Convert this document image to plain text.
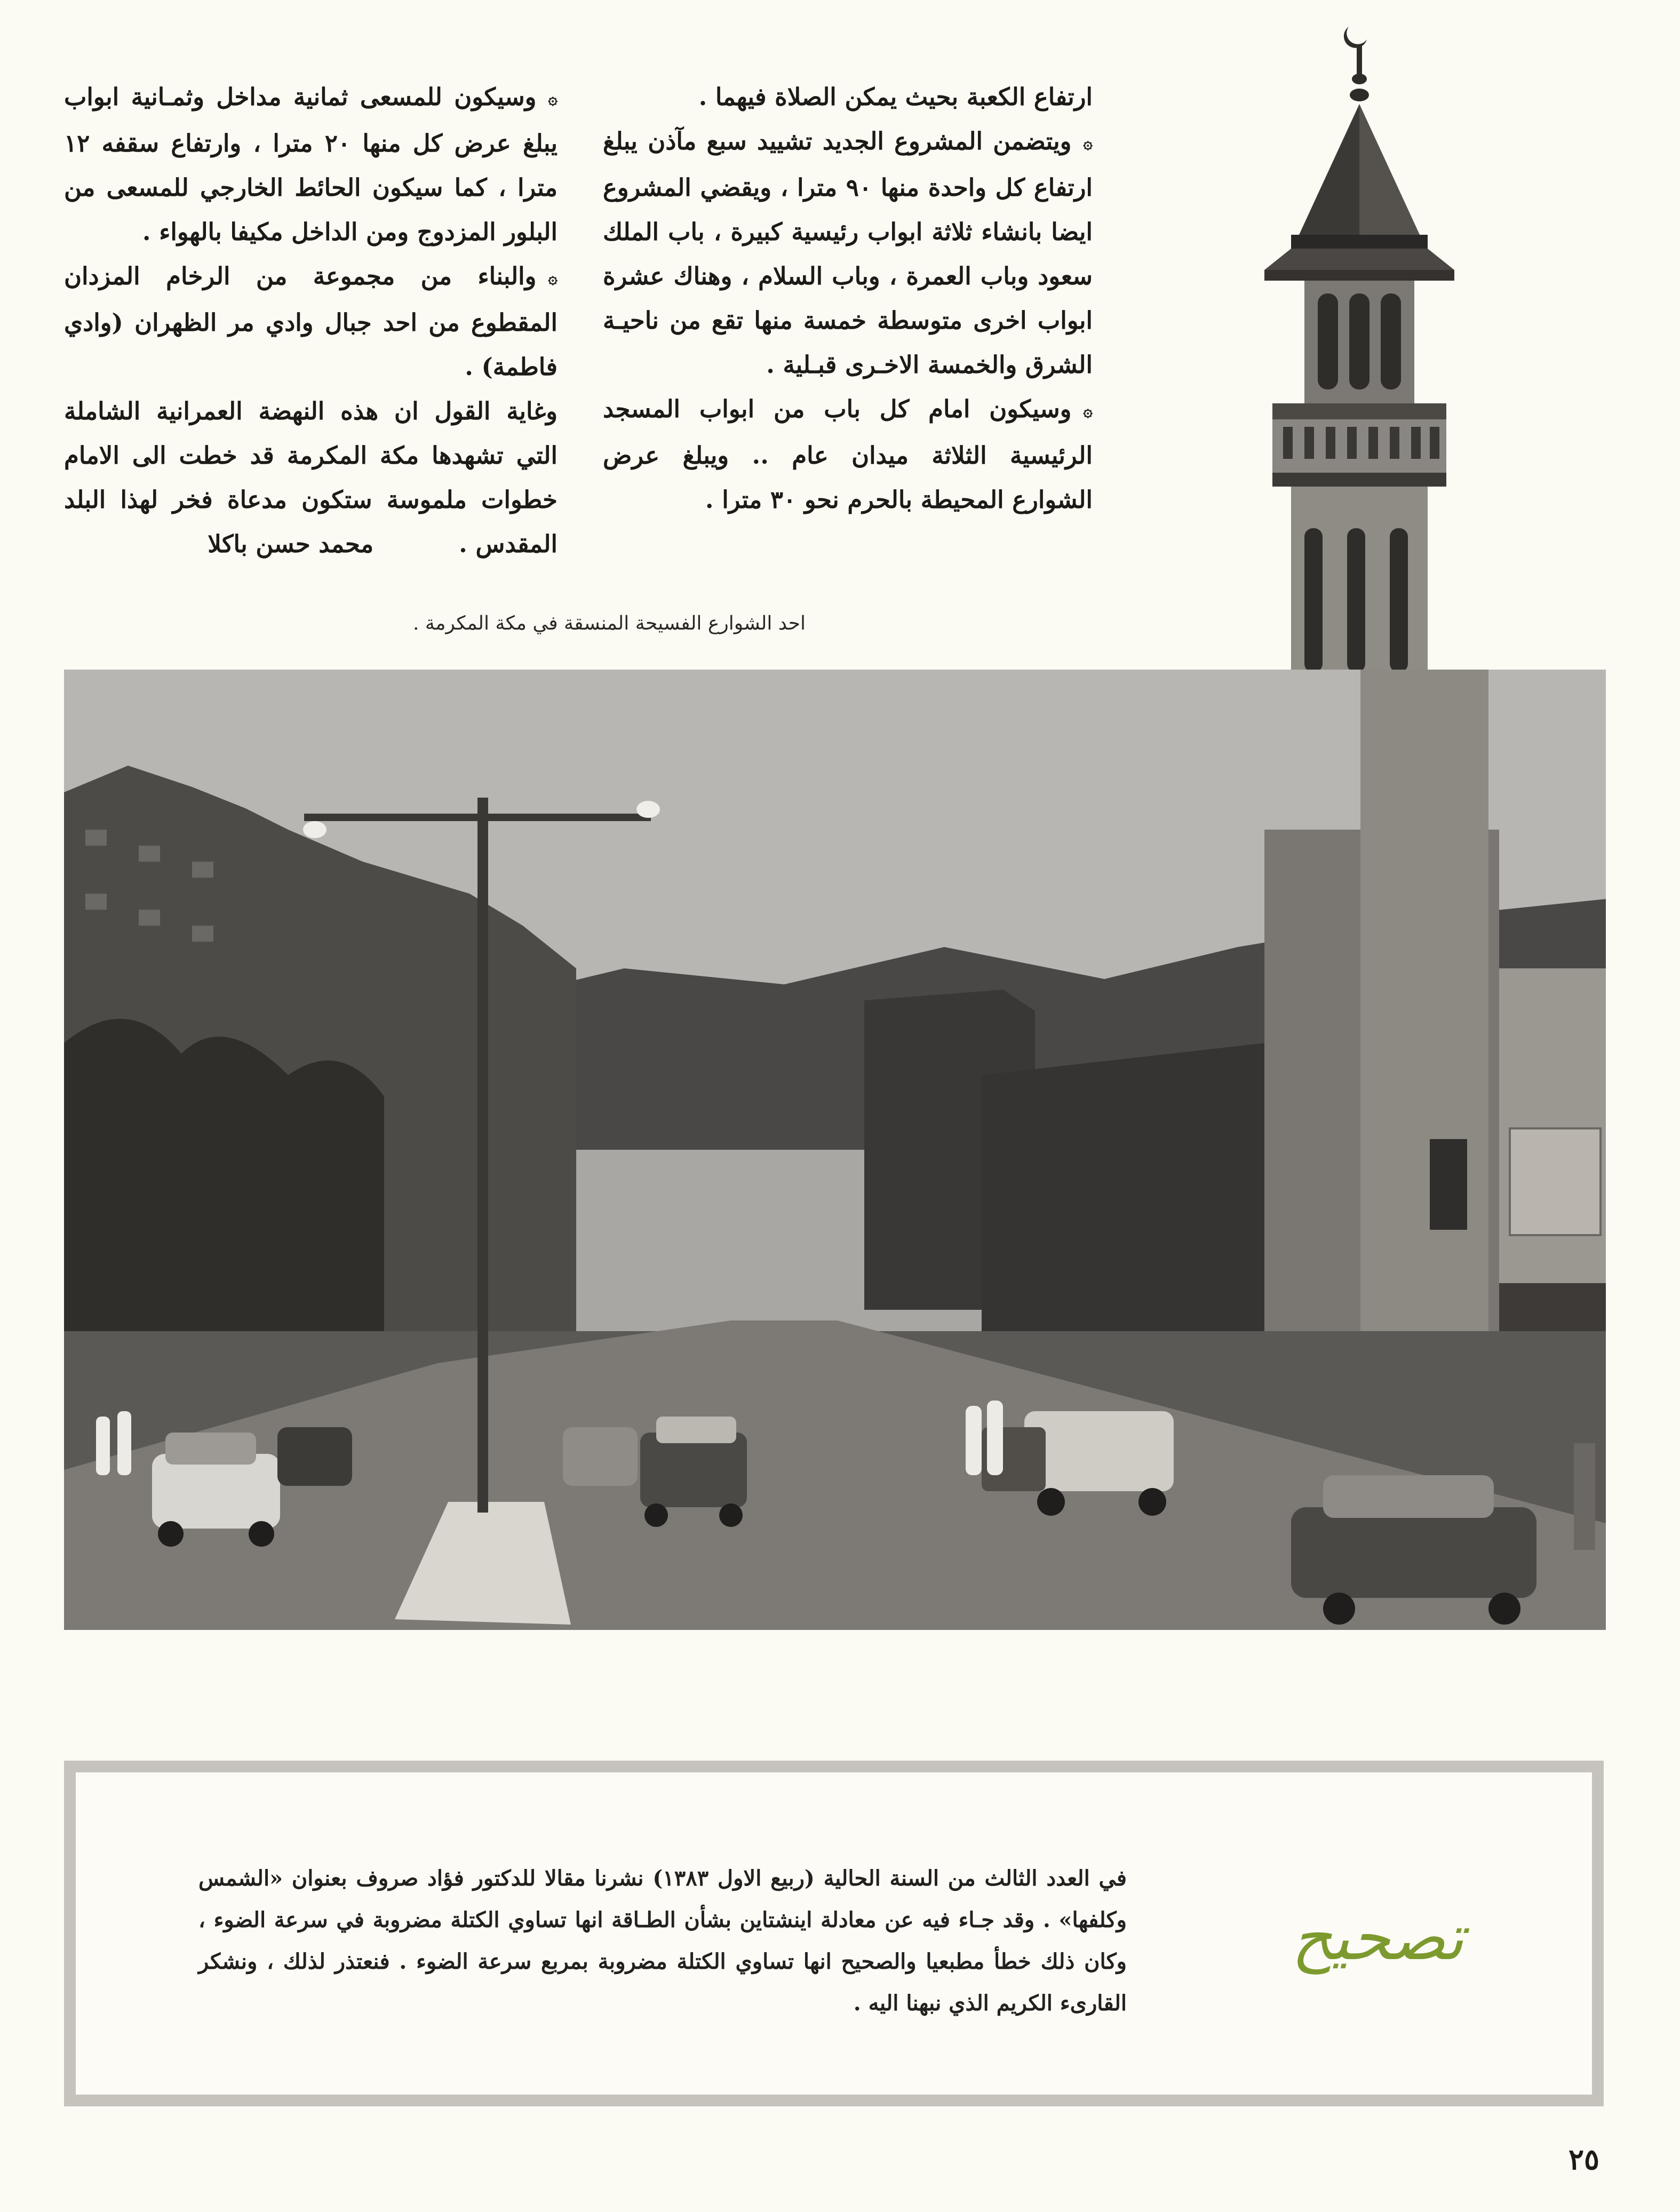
ارتفاع الكعبة بحيث يمكن الصلاة فيهما .

۞ويتضمن المشروع الجديد تشييد سبع مآذن يبلغ ارتفاع كل واحدة منها ٩٠ مترا ، ويقضي المشروع ايضا بانشاء ثلاثة ابواب رئيسية كبيرة ، باب الملك سعود وباب العمرة ، وباب السلام ، وهناك عشرة ابواب اخرى متوسطة خمسة منها تقع من ناحيـة الشرق والخمسة الاخـرى قبـلية .

۞وسيكون امام كل باب من ابواب المسجد الرئيسية الثلاثة ميدان عام .. ويبلغ عرض الشوارع المحيطة بالحرم نحو ٣٠ مترا .

۞وسيكون للمسعى ثمانية مداخل وثمـانية ابواب يبلغ عرض كل منها ٢٠ مترا ، وارتفاع سقفه ١٢ مترا ، كما سيكون الحائط الخارجي للمسعى من البلور المزدوج ومن الداخل مكيفا بالهواء .

۞والبناء من مجموعة من الرخام المزدان المقطوع من احد جبال وادي مر الظهران (وادي فاطمة) .

وغاية القول ان هذه النهضة العمرانية الشاملة التي تشهدها مكة المكرمة قد خطت الى الامام خطوات ملموسة ستكون مدعاة فخر لهذا البلد المقدس .محمد حسن باكلا

احد الشوارع الفسيحة المنسقة في مكة المكرمة .
تصحيح
في العدد الثالث من السنة الحالية (ربيع الاول ١٣٨٣) نشرنا مقالا للدكتور فؤاد صروف بعنوان «الشمس وكلفها» . وقد جـاء فيه عن معادلة اينشتاين بشأن الطـاقة انها تساوي الكتلة مضروبة في سرعة الضوء ، وكان ذلك خطأ مطبعيا والصحيح انها تساوي الكتلة مضروبة بمربع سرعة الضوء . فنعتذر لذلك ، ونشكر القارىء الكريم الذي نبهنا اليه .
٢٥
